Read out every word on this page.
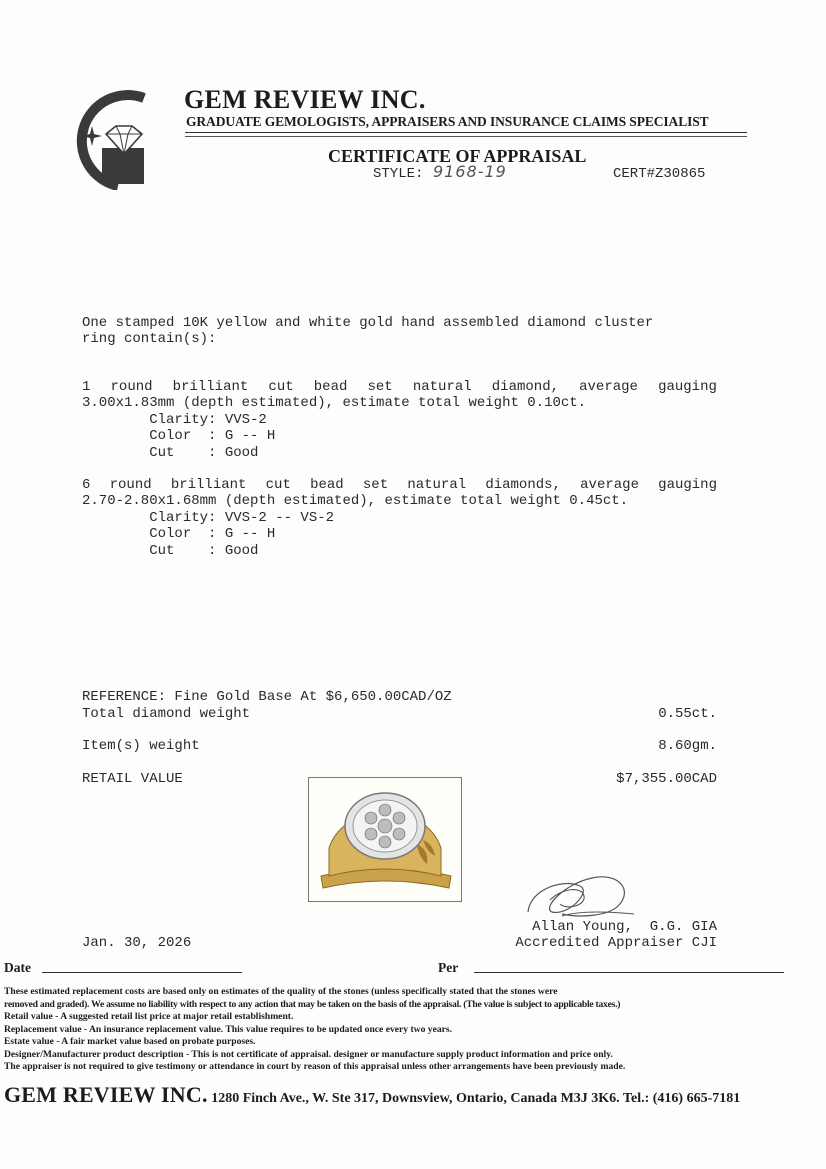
GEM REVIEW INC.
GRADUATE GEMOLOGISTS, APPRAISERS AND INSURANCE CLAIMS SPECIALIST
CERTIFICATE OF APPRAISAL
STYLE: 9168-19	CERT#Z30865
One stamped 10K yellow and white gold hand assembled diamond cluster
ring contain(s):
1 round brilliant cut bead set natural diamond, average gauging
3.00x1.83mm (depth estimated), estimate total weight 0.10ct.
Clarity: VVS-2
Color  : G -- H
Cut    : Good
6 round brilliant cut bead set natural diamonds, average gauging
2.70-2.80x1.68mm (depth estimated), estimate total weight 0.45ct.
Clarity: VVS-2 -- VS-2
Color  : G -- H
Cut    : Good
REFERENCE: Fine Gold Base At $6,650.00CAD/OZ
Total diamond weight	0.55ct.
Item(s) weight	8.60gm.
RETAIL VALUE	$7,355.00CAD
Allan Young,  G.G. GIA
Accredited Appraiser CJI
Jan. 30, 2026
Date	Per
These estimated replacement costs are based only on estimates of the quality of the stones (unless specifically stated that the stones were
removed and graded). We assume no liability with respect to any action that may be taken on the basis of the appraisal. (The value is subject to applicable taxes.)
Retail value - A suggested retail list price at major retail establishment.
Replacement value - An insurance replacement value. This value requires to be updated once every two years.
Estate value - A fair market value based on probate purposes.
Designer/Manufacturer product description - This is not certificate of appraisal. designer or manufacture supply product information and price only.
The appraiser is not required to give testimony or attendance in court by reason of this appraisal unless other arrangements have been previously made.
GEM REVIEW INC. 1280 Finch Ave., W. Ste 317, Downsview, Ontario, Canada M3J 3K6. Tel.: (416) 665-7181
